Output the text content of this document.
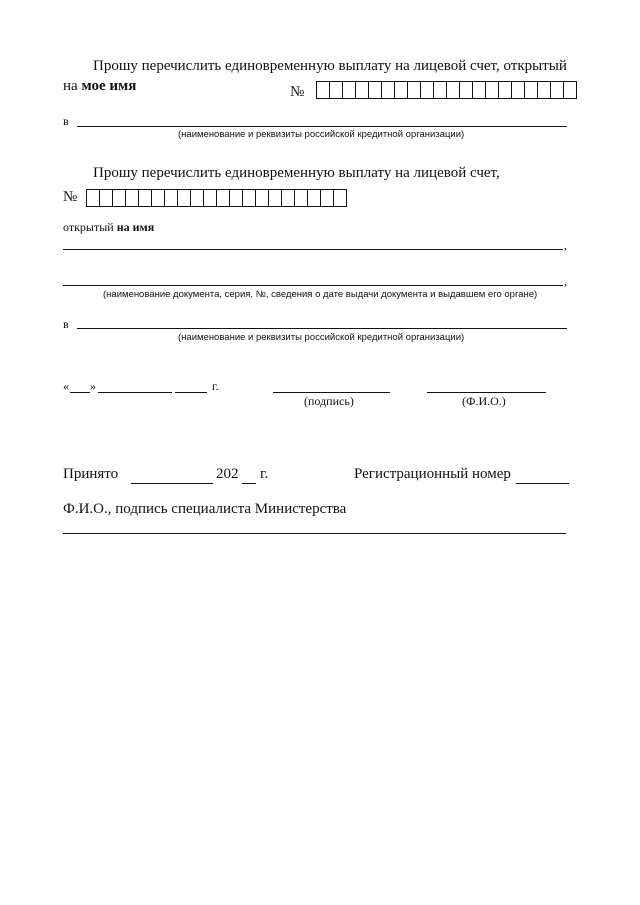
Прошу перечислить единовременную выплату на лицевой счет, открытый
на мое имя	№
в
(наименование и реквизиты российской кредитной организации)
Прошу перечислить единовременную выплату на лицевой счет,
№
открытый на имя
,
,
(наименование документа, серия, №, сведения о дате выдачи документа и выдавшем его органе)
в
(наименование и реквизиты российской кредитной организации)
« »	г.
(подпись)	(Ф.И.О.)
Принято	202 г.	Регистрационный номер
Ф.И.О., подпись специалиста Министерства
